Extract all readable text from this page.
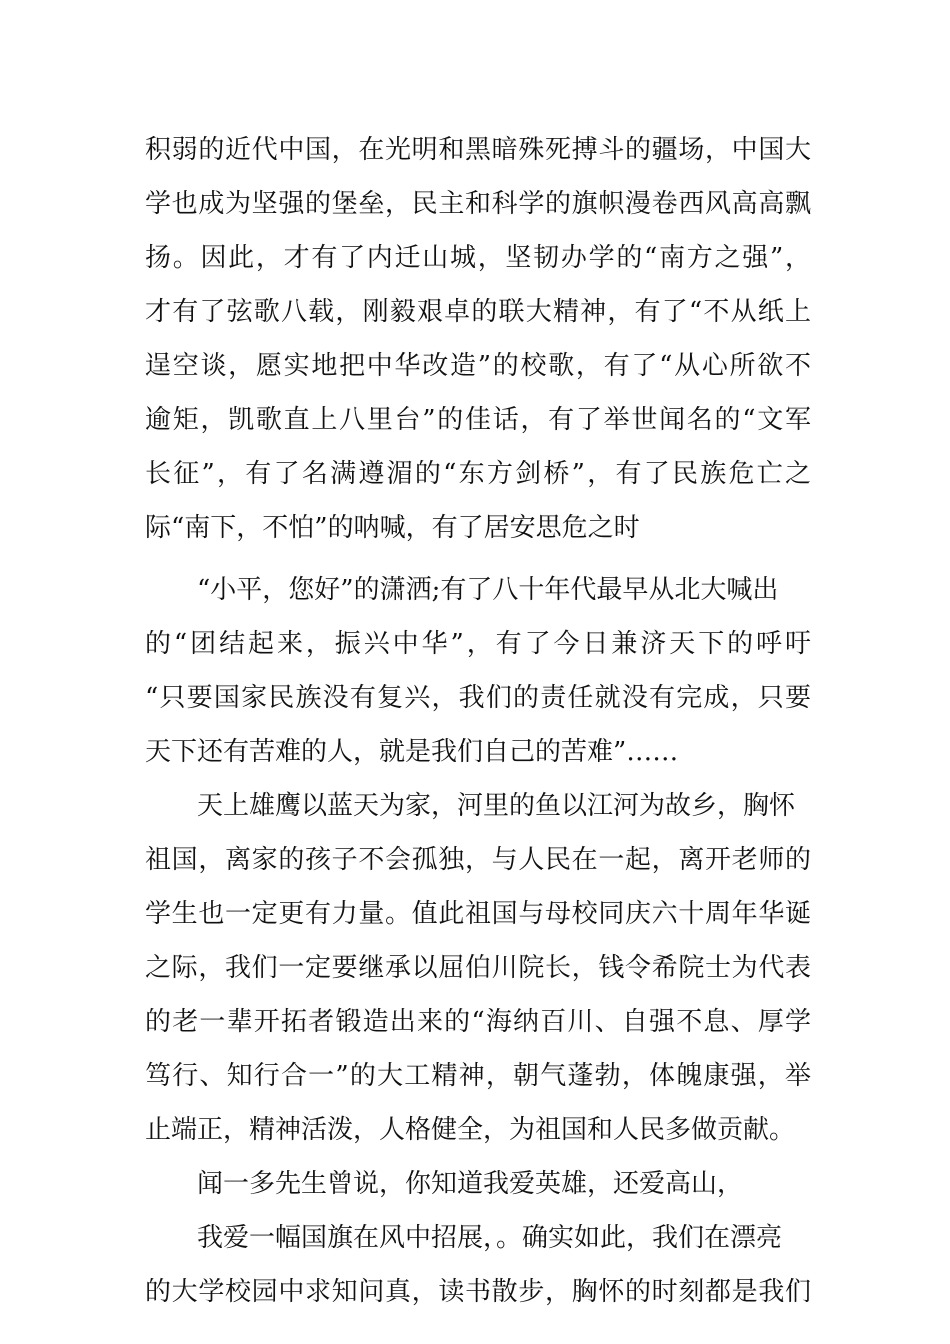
积弱的近代中国，在光明和黑暗殊死搏斗的疆场，中国大
学也成为坚强的堡垒，民主和科学的旗帜漫卷西风高高飘
扬。因此，才有了内迁山城，坚韧办学的“南方之强”，
才有了弦歌八载，刚毅艰卓的联大精神，有了“不从纸上
逞空谈，愿实地把中华改造”的校歌，有了“从心所欲不
逾矩，凯歌直上八里台”的佳话，有了举世闻名的“文军
长征”，有了名满遵湄的“东方剑桥”，有了民族危亡之
际“南下，不怕”的呐喊，有了居安思危之时
“小平，您好”的潇洒;有了八十年代最早从北大喊出
的“团结起来，振兴中华”，有了今日兼济天下的呼吁
“只要国家民族没有复兴，我们的责任就没有完成，只要
天下还有苦难的人，就是我们自己的苦难”……
天上雄鹰以蓝天为家，河里的鱼以江河为故乡，胸怀
祖国，离家的孩子不会孤独，与人民在一起，离开老师的
学生也一定更有力量。值此祖国与母校同庆六十周年华诞
之际，我们一定要继承以屈伯川院长，钱令希院士为代表
的老一辈开拓者锻造出来的“海纳百川、自强不息、厚学
笃行、知行合一”的大工精神，朝气蓬勃，体魄康强，举
止端正，精神活泼，人格健全，为祖国和人民多做贡献。
闻一多先生曾说，你知道我爱英雄，还爱高山，
我爱一幅国旗在风中招展，。确实如此，我们在漂亮
的大学校园中求知问真，读书散步，胸怀的时刻都是我们
